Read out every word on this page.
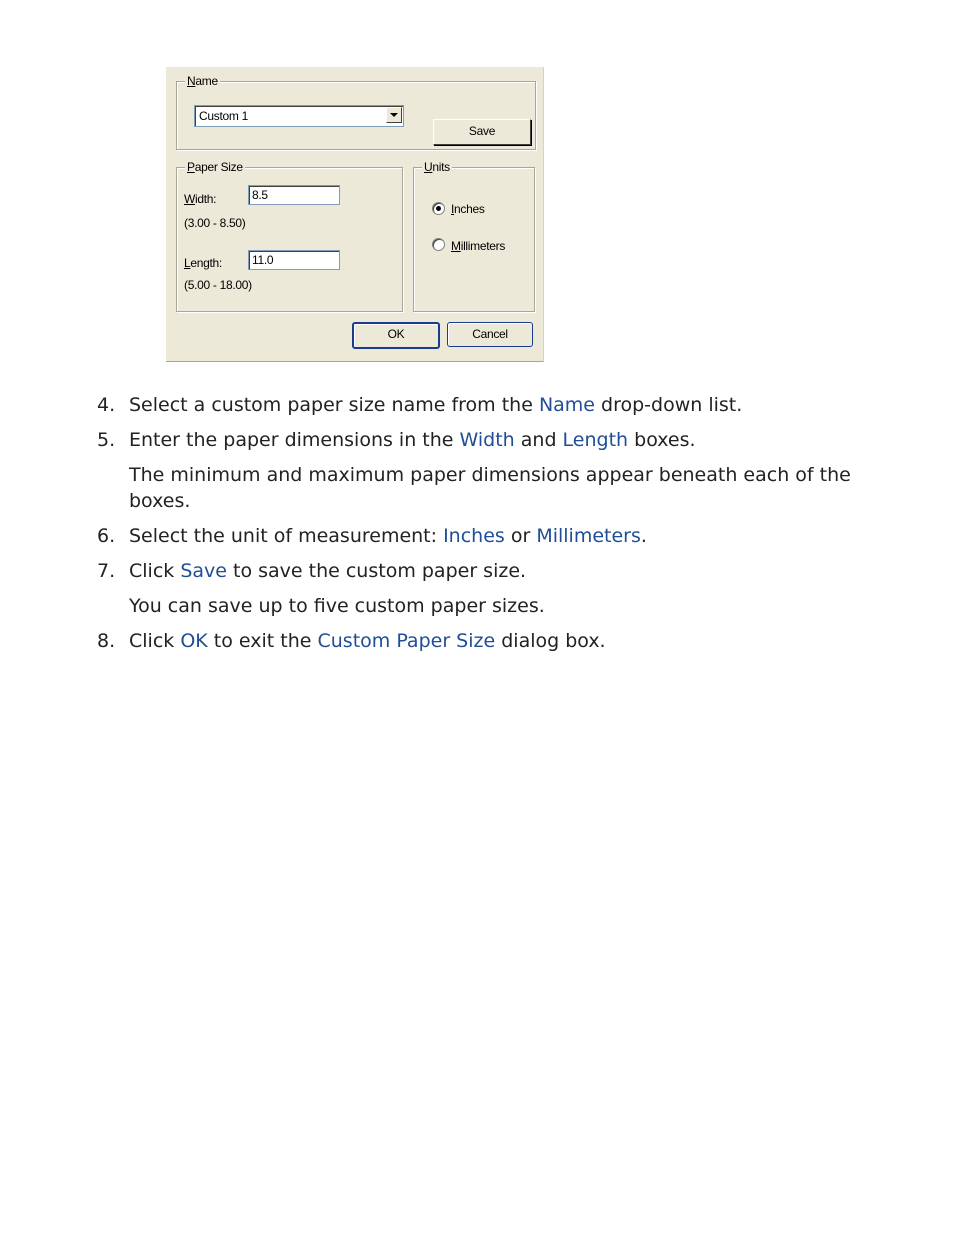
Name
Custom 1
Save
Paper Size
Width:	8.5
(3.00 - 8.50)
Length:	11.0
(5.00 - 18.00)
Units
Inches
Millimeters
OK	Cancel
4. Select a custom paper size name from the Name drop-down list.
5. Enter the paper dimensions in the Width and Length boxes.
The minimum and maximum paper dimensions appear beneath each of the boxes.
6. Select the unit of measurement: Inches or Millimeters.
7. Click Save to save the custom paper size.
You can save up to five custom paper sizes.
8. Click OK to exit the Custom Paper Size dialog box.
